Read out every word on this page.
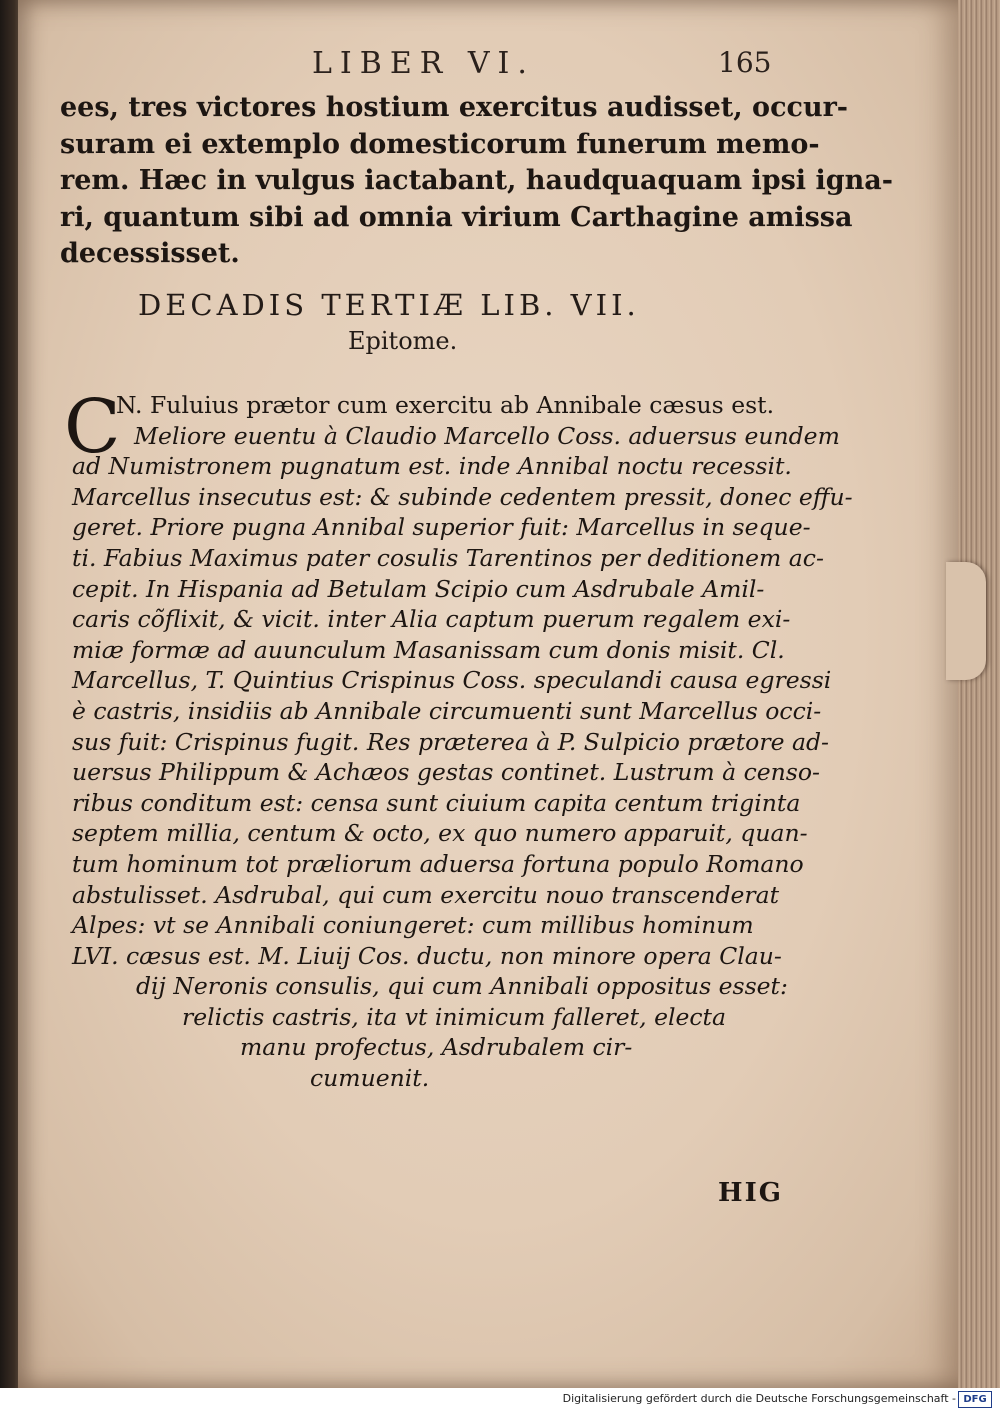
LIBER VI.	165
ees, tres victores hostium exercitus audisset, occur-
suram ei extemplo domesticorum funerum memo-
rem. Hæc in vulgus iactabant, haudquaquam ipsi igna-
ri, quantum sibi ad omnia virium Carthagine amissa
decessisset.
DECADIS TERTIÆ LIB. VII.
Epitome.
C
N. Fuluius prætor cum exercitu ab Annibale cæsus est.
Meliore euentu à Claudio Marcello Coss. aduersus eundem
ad Numistronem pugnatum est. inde Annibal noctu recessit.
Marcellus insecutus est: & subinde cedentem pressit, donec effu-
geret. Priore pugna Annibal superior fuit: Marcellus in seque-
ti. Fabius Maximus pater cosulis Tarentinos per deditionem ac-
cepit. In Hispania ad Betulam Scipio cum Asdrubale Amil-
caris cõflixit, & vicit. inter Alia captum puerum regalem exi-
miæ formæ ad auunculum Masanissam cum donis misit. Cl.
Marcellus, T. Quintius Crispinus Coss. speculandi causa egressi
è castris, insidiis ab Annibale circumuenti sunt Marcellus occi-
sus fuit: Crispinus fugit. Res præterea à P. Sulpicio prætore ad-
uersus Philippum & Achæos gestas continet. Lustrum à censo-
ribus conditum est: censa sunt ciuium capita centum triginta
septem millia, centum & octo, ex quo numero apparuit, quan-
tum hominum tot præliorum aduersa fortuna populo Romano
abstulisset. Asdrubal, qui cum exercitu nouo transcenderat
Alpes: vt se Annibali coniungeret: cum millibus hominum
LVI. cæsus est. M. Liuij Cos. ductu, non minore opera Clau-
dij Neronis consulis, qui cum Annibali oppositus esset:
relictis castris, ita vt inimicum falleret, electa
manu profectus, Asdrubalem cir-
cumuenit.
HIG
Digitalisierung gefördert durch die Deutsche Forschungsgemeinschaft - DFG
